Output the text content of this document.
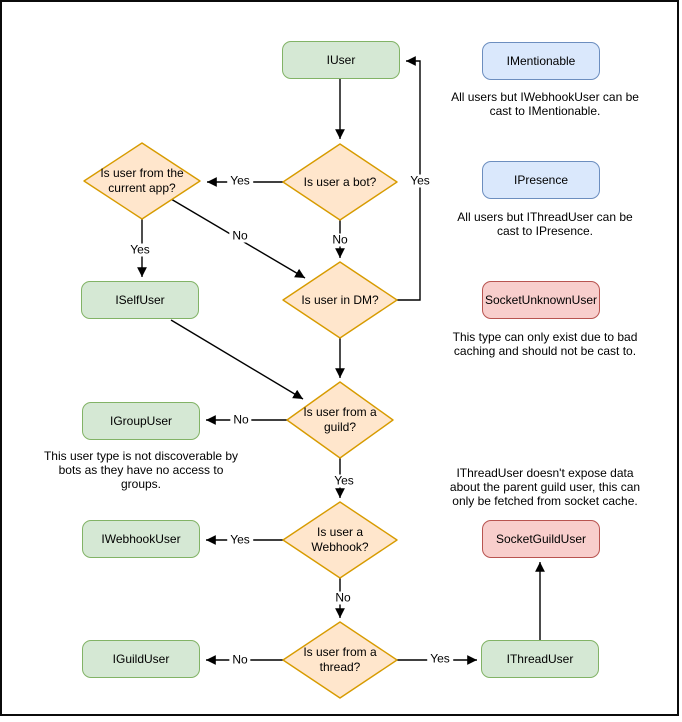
IUser	IMentionable
IPresence
SocketUnknownUser
ISelfUser
IGroupUser
IWebhookUser	SocketGuildUser
IGuildUser	IThreadUser
Is user from the current app?	Is user a bot?
Is user in DM?
Is user from a guild?
Is user a Webhook?
Is user from a thread?
Yes
No
Yes
No
Yes
No
Yes
Yes
No
No	Yes
All users but IWebhookUser can be
cast to IMentionable.
All users but IThreadUser can be
cast to IPresence.
This type can only exist due to bad
caching and should not be cast to.
This user type is not discoverable by
bots as they have no access to
groups.
IThreadUser doesn't expose data
about the parent guild user, this can
only be fetched from socket cache.
